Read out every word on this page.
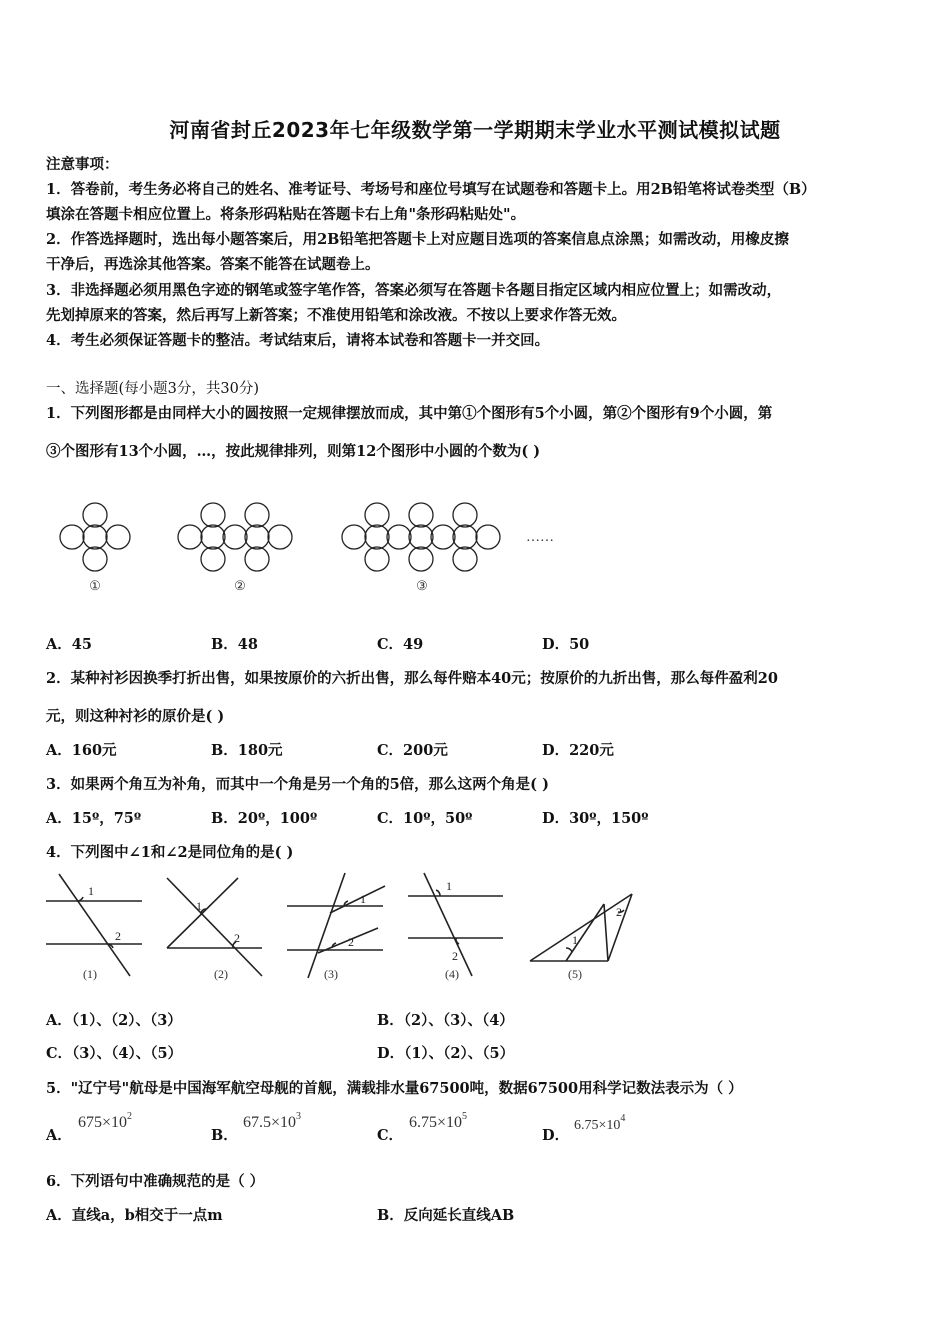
河南省封丘2023年七年级数学第一学期期末学业水平测试模拟试题
注意事项：
1．答卷前，考生务必将自己的姓名、准考证号、考场号和座位号填写在试题卷和答题卡上。用2B铅笔将试卷类型（B）
填涂在答题卡相应位置上。将条形码粘贴在答题卡右上角"条形码粘贴处"。
2．作答选择题时，选出每小题答案后，用2B铅笔把答题卡上对应题目选项的答案信息点涂黑；如需改动，用橡皮擦
干净后，再选涂其他答案。答案不能答在试题卷上。
3．非选择题必须用黑色字迹的钢笔或签字笔作答，答案必须写在答题卡各题目指定区域内相应位置上；如需改动，
先划掉原来的答案，然后再写上新答案；不准使用铅笔和涂改液。不按以上要求作答无效。
4．考生必须保证答题卡的整洁。考试结束后，请将本试卷和答题卡一并交回。
一、选择题(每小题3分，共30分)
1．下列图形都是由同样大小的圆按照一定规律摆放而成，其中第①个图形有5个小圆，第②个图形有9个小圆，第
③个图形有13个小圆，…，按此规律排列，则第12个图形中小圆的个数为( )
①	②	③
……
A．45	B．48	C．49	D．50
2．某种衬衫因换季打折出售，如果按原价的六折出售，那么每件赔本40元；按原价的九折出售，那么每件盈利20
元，则这种衬衫的原价是( )
A．160元	B．180元	C．200元	D．220元
3．如果两个角互为补角，而其中一个角是另一个角的5倍，那么这两个角是( )
A．15º，75º	B．20º，100º	C．10º，50º	D．30º，150º
4．下列图中∠1和∠2是同位角的是( )
1
2
1
2
1
2
1
2
1
2
(1)	(2)	(3)	(4)	(5)
A．（1）、（2）、（3）	B．（2）、（3）、（4）
C．（3）、（4）、（5）	D．（1）、（2）、（5）
5．"辽宁号"航母是中国海军航空母舰的首舰，满载排水量67500吨，数据67500用科学记数法表示为（ ）
A．
$675\times 10^2$
B．
$67.5\times 10^3$
C．
$6.75\times 10^5$
D．
$6.75\times 10^4$
6．下列语句中准确规范的是（ ）
A．直线a，b相交于一点m	B．反向延长直线AB
